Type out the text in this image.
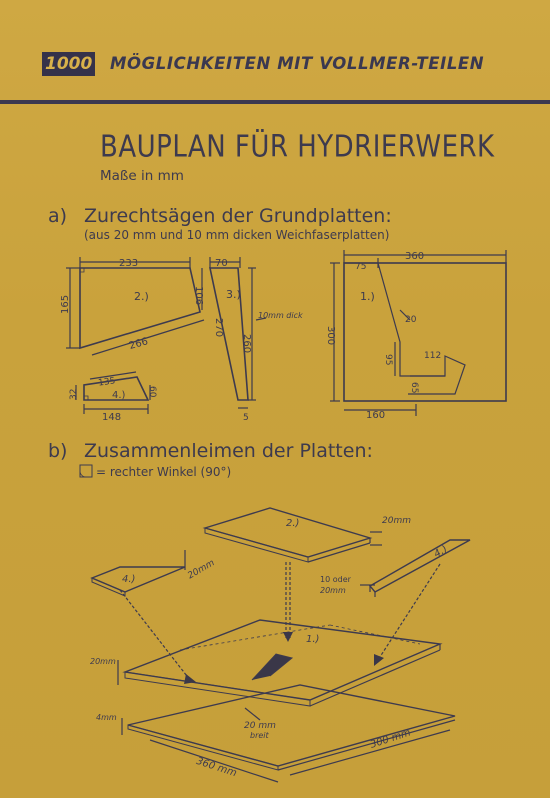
1000 MÖGLICHKEITEN MIT VOLLMER-TEILEN
BAUPLAN FÜR HYDRIERWERK
Maße in mm
a) Zurechtsägen der Grundplatten:
(aus 20 mm und 10 mm dicken Weichfaserplatten)
b) Zusammenleimen der Platten:
= rechter Winkel (90°)
233
2.)
165	106
266
135
4.)
32	60
148
70
3.)
270
260
5
10mm dick
360
75
1.)
300
20
95	112
65
160
2.)
4.)
4.)
1.)
20mm
20mm	10 oder
20mm
20mm
4mm
20 mm
breit
360 mm
300 mm
